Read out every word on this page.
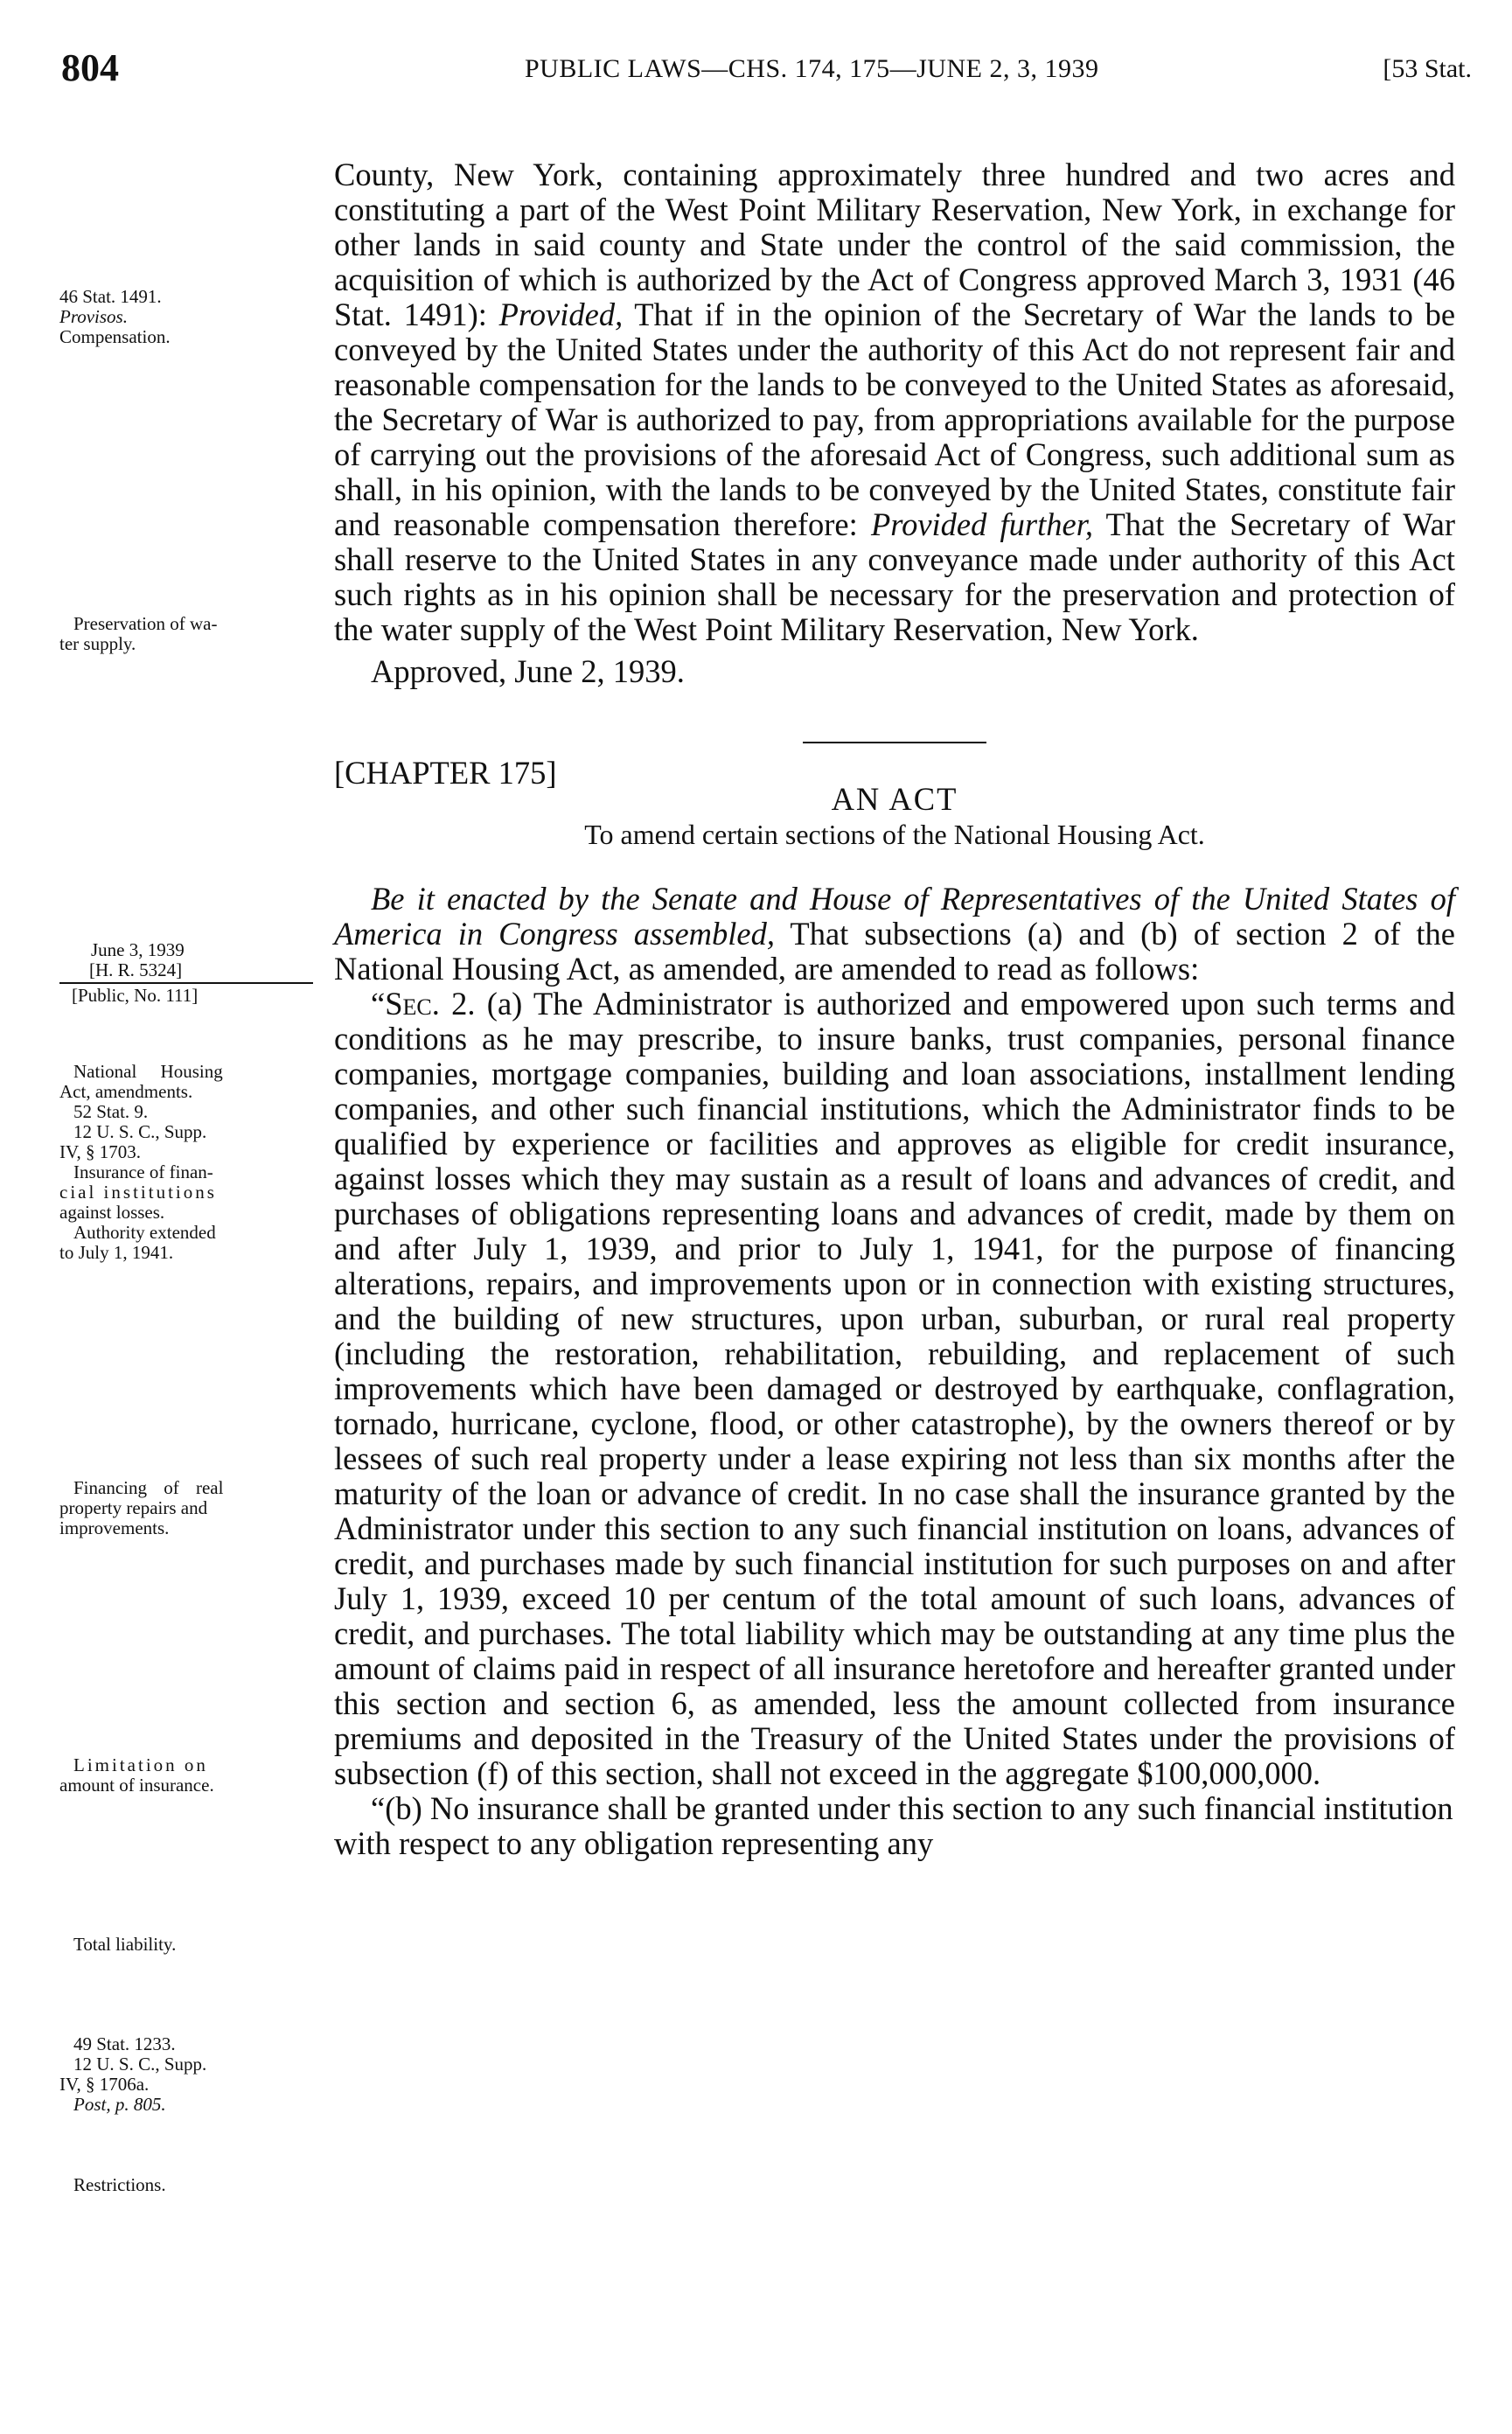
804	PUBLIC LAWS—CHS. 174, 175—JUNE 2, 3, 1939	[53 Stat.
46 Stat. 1491.
Provisos.
Compensation.
Preservation of wa-
ter supply.
June 3, 1939
[H. R. 5324]
[Public, No. 111]
National Housing
Act, amendments.
52 Stat. 9.
12 U. S. C., Supp.
IV, § 1703.
Insurance of finan-
cial institutions
against losses.
Authority extended
to July 1, 1941.
Financing of real
property repairs and
improvements.
Limitation on
amount of insurance.
Total liability.
49 Stat. 1233.
12 U. S. C., Supp.
IV, § 1706a.
Post, p. 805.
Restrictions.

County, New York, containing approximately three hundred and two acres and constituting a part of the West Point Military Reservation, New York, in exchange for other lands in said county and State under the control of the said commission, the acquisition of which is authorized by the Act of Congress approved March 3, 1931 (46 Stat. 1491): Provided, That if in the opinion of the Secretary of War the lands to be conveyed by the United States under the authority of this Act do not represent fair and reasonable compensation for the lands to be conveyed to the United States as aforesaid, the Secretary of War is authorized to pay, from appropriations available for the purpose of carrying out the provisions of the aforesaid Act of Congress, such additional sum as shall, in his opinion, with the lands to be conveyed by the United States, constitute fair and reasonable compensation therefore: Provided further, That the Secretary of War shall reserve to the United States in any conveyance made under authority of this Act such rights as in his opinion shall be necessary for the preservation and protection of the water supply of the West Point Military Reservation, New York.

Approved, June 2, 1939.

[CHAPTER 175]

AN ACT

To amend certain sections of the National Housing Act.

Be it enacted by the Senate and House of Representatives of the United States of America in Congress assembled, That subsections (a) and (b) of section 2 of the National Housing Act, as amended, are amended to read as follows:

“Sec. 2. (a) The Administrator is authorized and empowered upon such terms and conditions as he may prescribe, to insure banks, trust companies, personal finance companies, mortgage companies, building and loan associations, installment lending companies, and other such financial institutions, which the Administrator finds to be qualified by experience or facilities and approves as eligible for credit insurance, against losses which they may sustain as a result of loans and advances of credit, and purchases of obligations representing loans and advances of credit, made by them on and after July 1, 1939, and prior to July 1, 1941, for the purpose of financing alterations, repairs, and improvements upon or in connection with existing structures, and the building of new structures, upon urban, suburban, or rural real property (including the restoration, rehabilitation, rebuilding, and replacement of such improvements which have been damaged or destroyed by earthquake, conflagration, tornado, hurricane, cyclone, flood, or other catastrophe), by the owners thereof or by lessees of such real property under a lease expiring not less than six months after the maturity of the loan or advance of credit. In no case shall the insurance granted by the Administrator under this section to any such financial institution on loans, advances of credit, and purchases made by such financial institution for such purposes on and after July 1, 1939, exceed 10 per centum of the total amount of such loans, advances of credit, and purchases. The total liability which may be outstanding at any time plus the amount of claims paid in respect of all insurance heretofore and hereafter granted under this section and section 6, as amended, less the amount collected from insurance premiums and deposited in the Treasury of the United States under the provisions of subsection (f) of this section, shall not exceed in the aggregate $100,000,000.

“(b) No insurance shall be granted under this section to any such financial institution with respect to any obligation representing any
